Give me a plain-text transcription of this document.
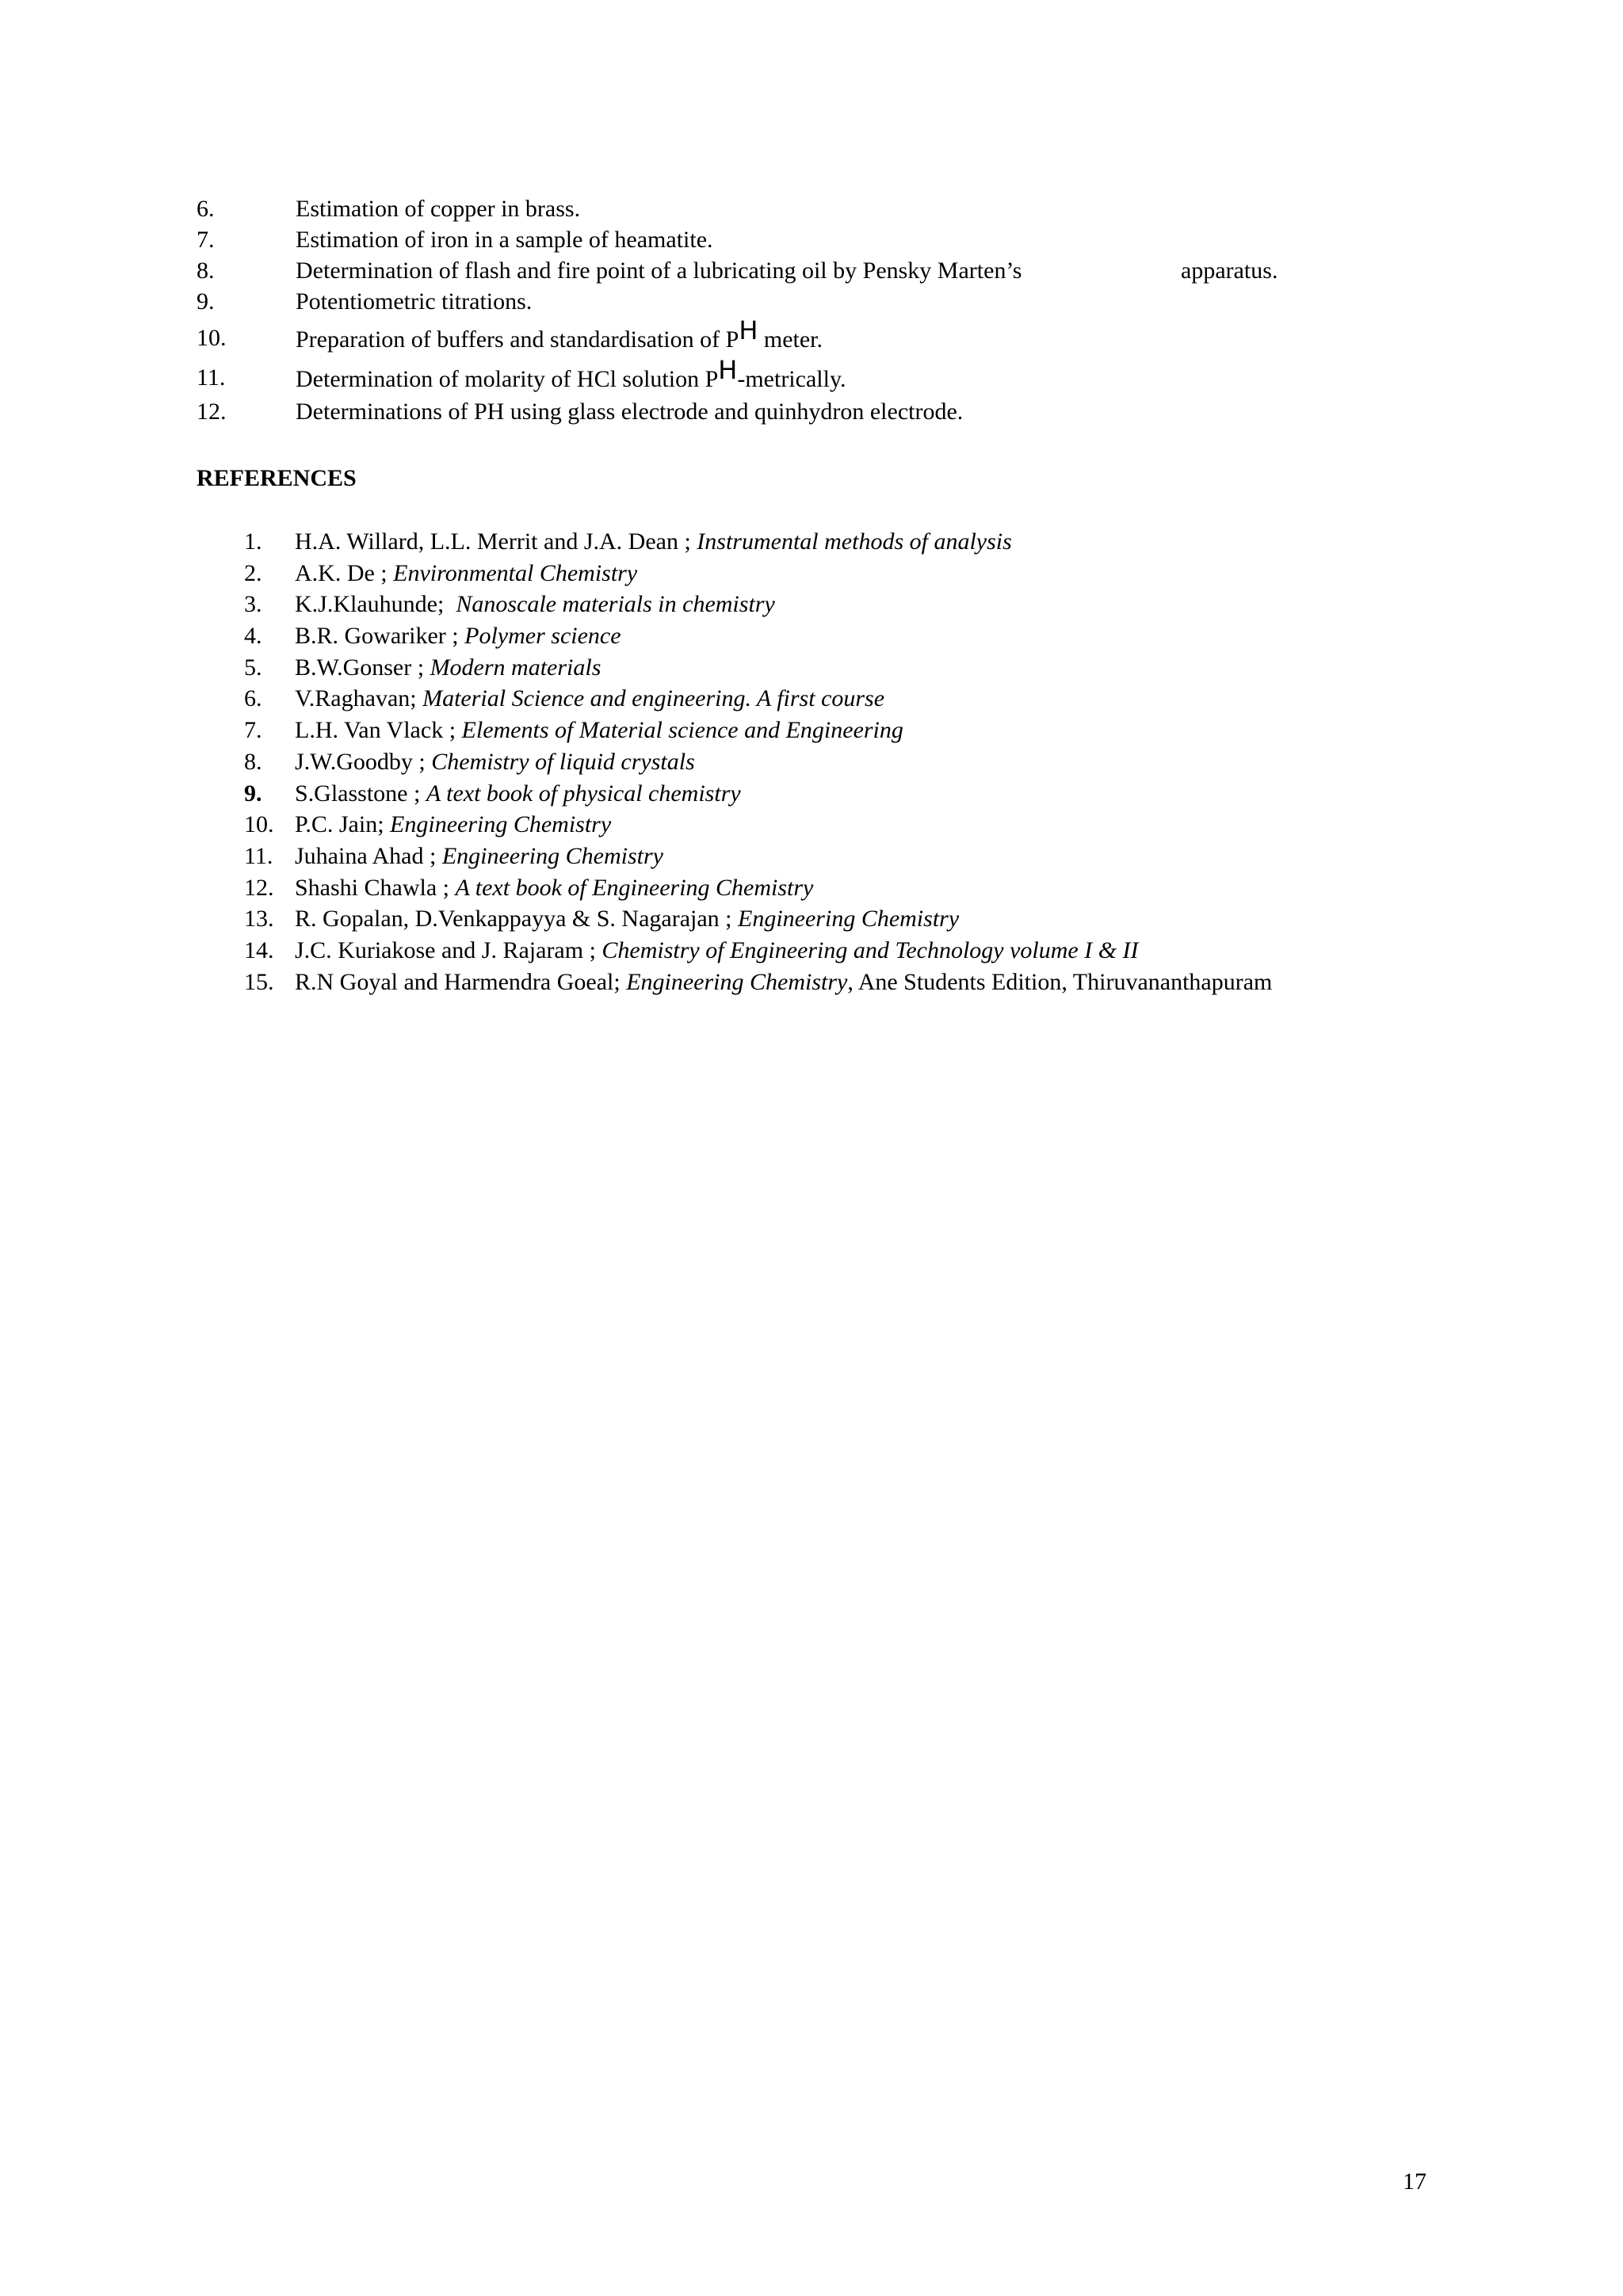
6.	Estimation of copper in brass.
7.	Estimation of iron in a sample of heamatite.
8.	Determination of flash and fire point of a lubricating oil by Pensky Marten’s	apparatus.
9.	Potentiometric titrations.
10.	Preparation of buffers and standardisation of PH meter.
11.	Determination of molarity of HCl solution PH-metrically.
12.	Determinations of PH using glass electrode and quinhydron electrode.
REFERENCES
1. H.A. Willard, L.L. Merrit and J.A. Dean ; Instrumental methods of analysis
2. A.K. De ; Environmental Chemistry
3. K.J.Klauhunde;  Nanoscale materials in chemistry
4. B.R. Gowariker ; Polymer science
5. B.W.Gonser ; Modern materials
6. V.Raghavan; Material Science and engineering. A first course
7. L.H. Van Vlack ; Elements of Material science and Engineering
8. J.W.Goodby ; Chemistry of liquid crystals
9. S.Glasstone ; A text book of physical chemistry
10. P.C. Jain; Engineering Chemistry
11. Juhaina Ahad ; Engineering Chemistry
12. Shashi Chawla ; A text book of Engineering Chemistry
13. R. Gopalan, D.Venkappayya & S. Nagarajan ; Engineering Chemistry
14. J.C. Kuriakose and J. Rajaram ; Chemistry of Engineering and Technology volume I & II
15. R.N Goyal and Harmendra Goeal; Engineering Chemistry, Ane Students Edition, Thiruvananthapuram
17
